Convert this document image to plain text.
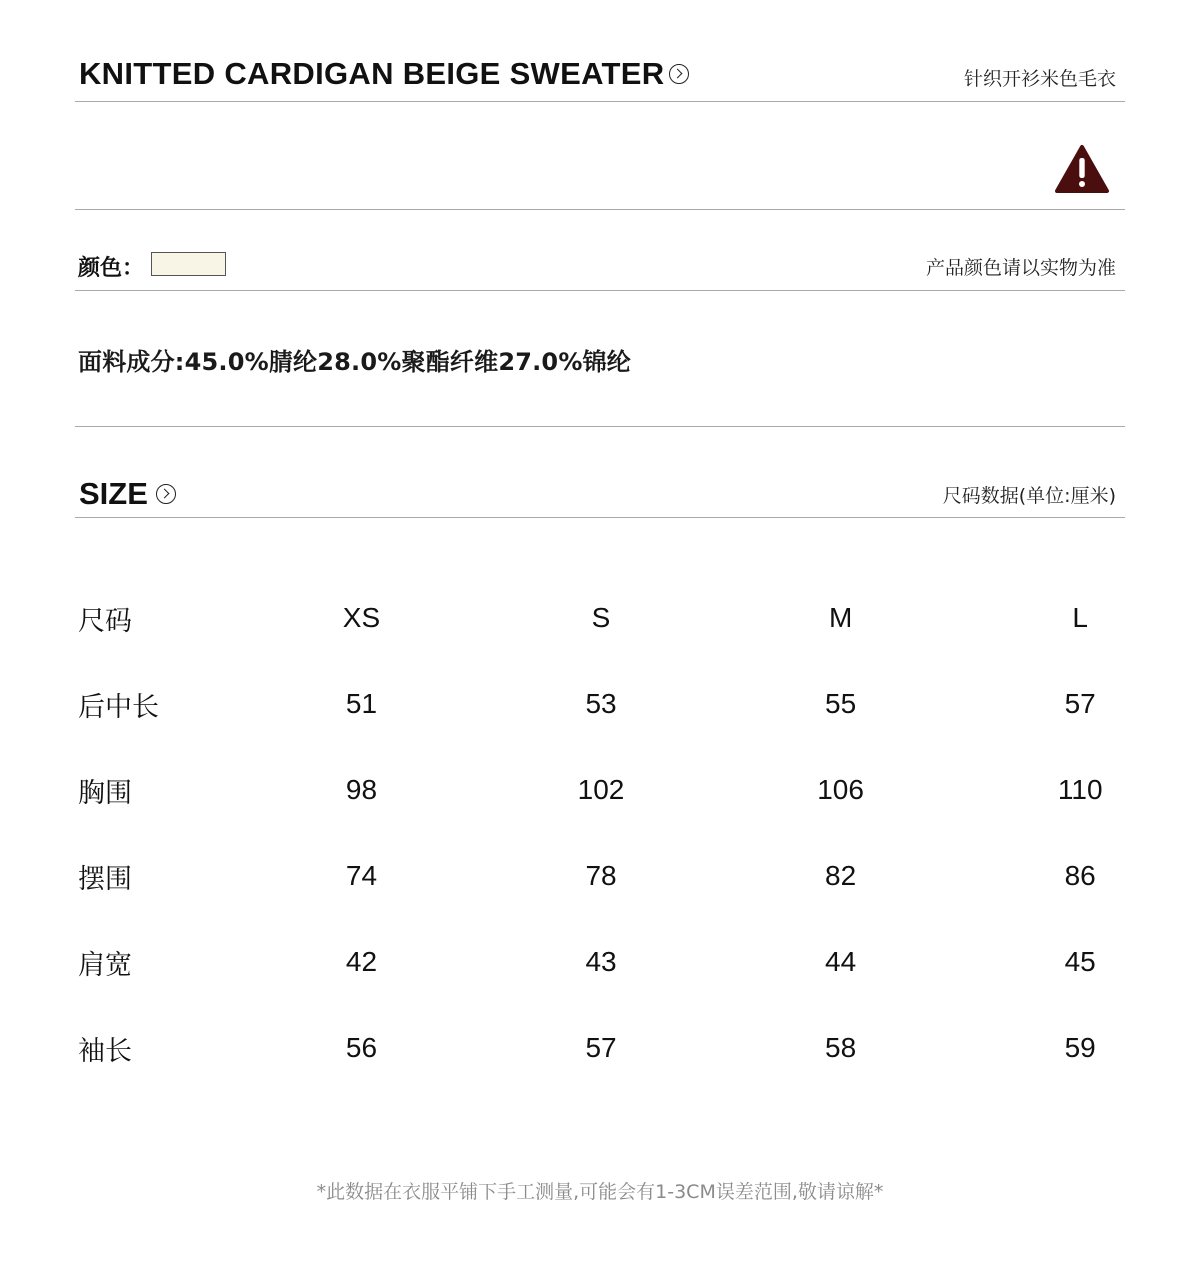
KNITTED CARDIGAN BEIGE SWEATER	针织开衫米色毛衣
颜色：	产品颜色请以实物为准
面料成分:45.0%腈纶28.0%聚酯纤维27.0%锦纶
SIZE	尺码数据(单位:厘米)
尺码	XS	S	M	L
后中长	51	53	55	57
胸围	98	102	106	110
摆围	74	78	82	86
肩宽	42	43	44	45
袖长	56	57	58	59
*此数据在衣服平铺下手工测量,可能会有1-3CM误差范围,敬请谅解*
